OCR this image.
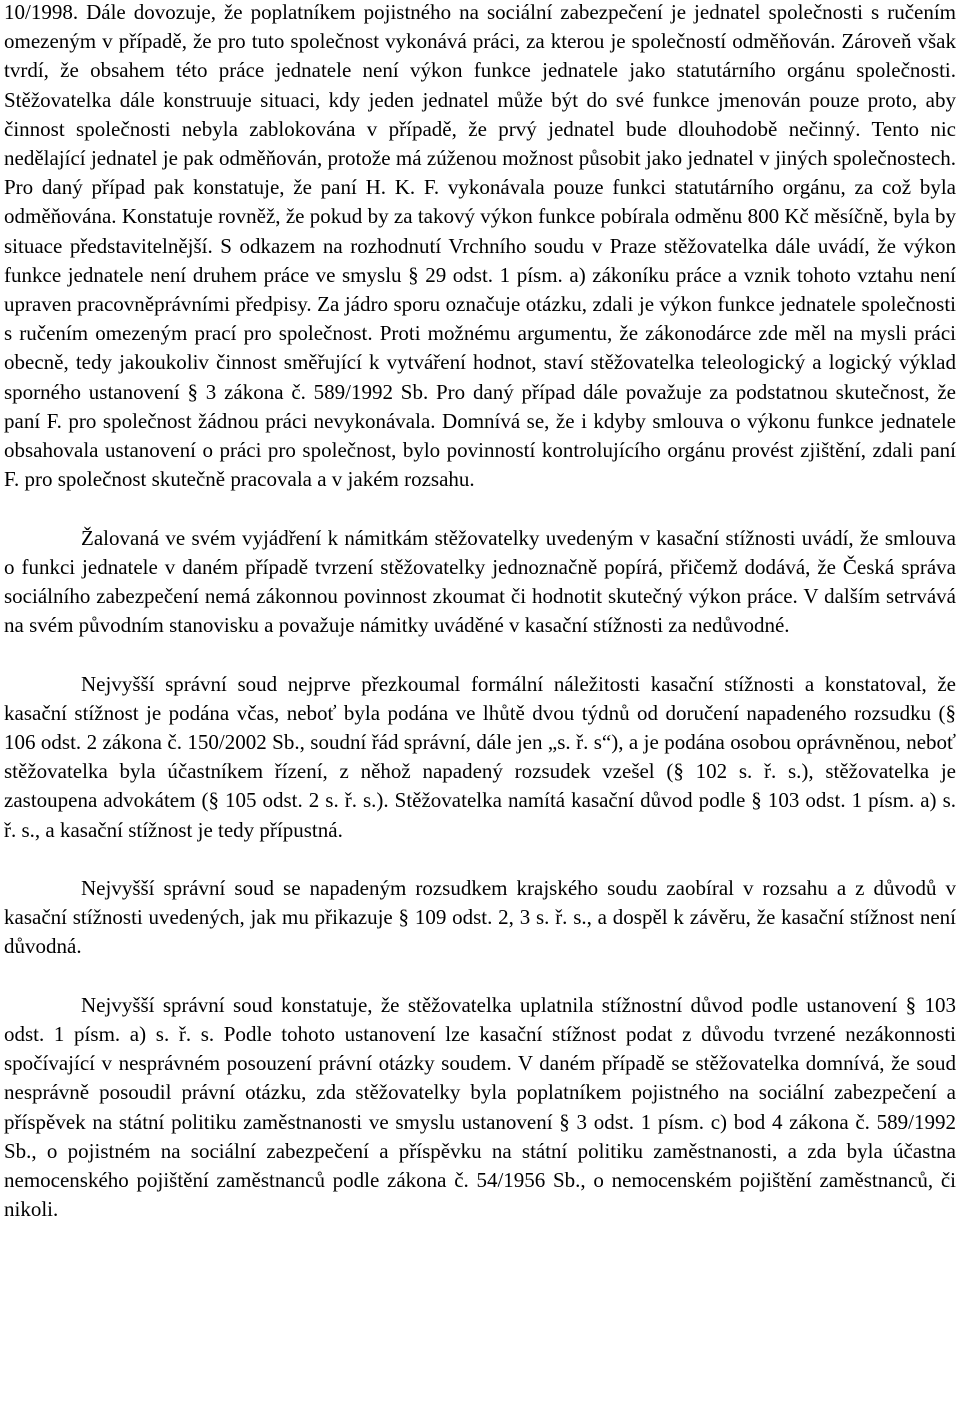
10/1998. Dále dovozuje, že poplatníkem pojistného na sociální zabezpečení je jednatel společnosti s ručením omezeným v případě, že pro tuto společnost vykonává práci, za kterou je společností odměňován. Zároveň však tvrdí, že obsahem této práce jednatele není výkon funkce jednatele jako statutárního orgánu společnosti. Stěžovatelka dále konstruuje situaci, kdy jeden jednatel může být do své funkce jmenován pouze proto, aby činnost společnosti nebyla zablokována v případě, že prvý jednatel bude dlouhodobě nečinný. Tento nic nedělající jednatel je pak odměňován, protože má zúženou možnost působit jako jednatel v jiných společnostech. Pro daný případ pak konstatuje, že paní H. K. F. vykonávala pouze funkci statutárního orgánu, za což byla odměňována. Konstatuje rovněž, že pokud by za takový výkon funkce pobírala odměnu 800 Kč měsíčně, byla by situace představitelnější. S odkazem na rozhodnutí Vrchního soudu v Praze stěžovatelka dále uvádí, že výkon funkce jednatele není druhem práce ve smyslu § 29 odst. 1 písm. a) zákoníku práce a vznik tohoto vztahu není upraven pracovněprávními předpisy. Za jádro sporu označuje otázku, zdali je výkon funkce jednatele společnosti s ručením omezeným prací pro společnost. Proti možnému argumentu, že zákonodárce zde měl na mysli práci obecně, tedy jakoukoliv činnost směřující k vytváření hodnot, staví stěžovatelka teleologický a logický výklad sporného ustanovení § 3 zákona č. 589/1992 Sb. Pro daný případ dále považuje za podstatnou skutečnost, že paní F. pro společnost žádnou práci nevykonávala. Domnívá se, že i kdyby smlouva o výkonu funkce jednatele obsahovala ustanovení o práci pro společnost, bylo povinností kontrolujícího orgánu provést zjištění, zdali paní F. pro společnost skutečně pracovala a v jakém rozsahu.

Žalovaná ve svém vyjádření k námitkám stěžovatelky uvedeným v kasační stížnosti uvádí, že smlouva o funkci jednatele v daném případě tvrzení stěžovatelky jednoznačně popírá, přičemž dodává, že Česká správa sociálního zabezpečení nemá zákonnou povinnost zkoumat či hodnotit skutečný výkon práce. V dalším setrvává na svém původním stanovisku a považuje námitky uváděné v kasační stížnosti za nedůvodné.

Nejvyšší správní soud nejprve přezkoumal formální náležitosti kasační stížnosti a konstatoval, že kasační stížnost je podána včas, neboť byla podána ve lhůtě dvou týdnů od doručení napadeného rozsudku (§ 106 odst. 2 zákona č. 150/2002 Sb., soudní řád správní, dále jen „s. ř. s“), a je podána osobou oprávněnou, neboť stěžovatelka byla účastníkem řízení, z něhož napadený rozsudek vzešel (§ 102 s. ř. s.), stěžovatelka je zastoupena advokátem (§ 105 odst. 2 s. ř. s.). Stěžovatelka namítá kasační důvod podle § 103 odst. 1 písm. a) s. ř. s., a kasační stížnost je tedy přípustná.

Nejvyšší správní soud se napadeným rozsudkem krajského soudu zaobíral v rozsahu a z důvodů v kasační stížnosti uvedených, jak mu přikazuje § 109 odst. 2, 3 s. ř. s., a dospěl k závěru, že kasační stížnost není důvodná.

Nejvyšší správní soud konstatuje, že stěžovatelka uplatnila stížnostní důvod podle ustanovení § 103 odst. 1 písm. a) s. ř. s. Podle tohoto ustanovení lze kasační stížnost podat z důvodu tvrzené nezákonnosti spočívající v nesprávném posouzení právní otázky soudem. V daném případě se stěžovatelka domnívá, že soud nesprávně posoudil právní otázku, zda stěžovatelky byla poplatníkem pojistného na sociální zabezpečení a příspěvek na státní politiku zaměstnanosti ve smyslu ustanovení § 3 odst. 1 písm. c) bod 4 zákona č. 589/1992 Sb., o pojistném na sociální zabezpečení a příspěvku na státní politiku zaměstnanosti, a zda byla účastna nemocenského pojištění zaměstnanců podle zákona č. 54/1956 Sb., o nemocenském pojištění zaměstnanců, či nikoli.
